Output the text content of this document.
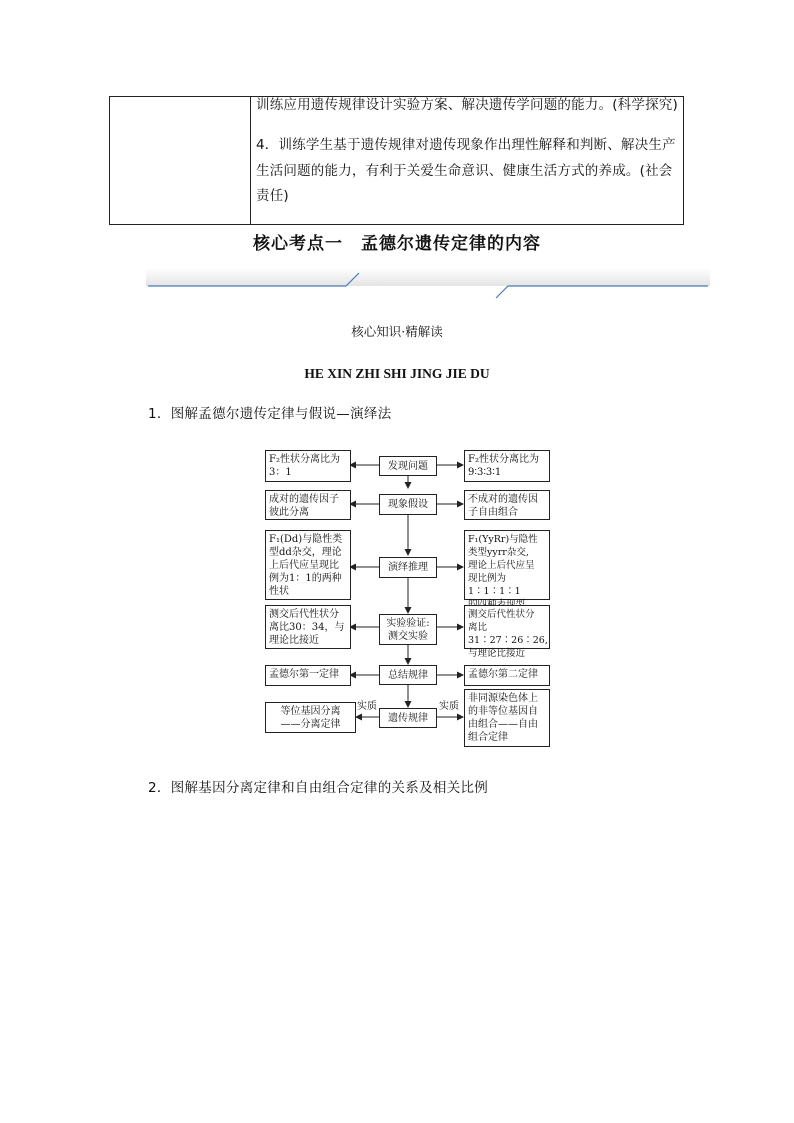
训练应用遗传规律设计实验方案、解决遗传学问题的能力。(科学探究)
4．训练学生基于遗传规律对遗传现象作出理性解释和判断、解决生产
生活问题的能力，有利于关爱生命意识、健康生活方式的养成。(社会
责任)
核心考点一　孟德尔遗传定律的内容
核心知识·精解读
HE XIN ZHI SHI JING JIE DU
1．图解孟德尔遗传定律与假说—演绎法
发现问题
现象假设
演绎推理
实验验证:
测交实验
总结规律
遗传规律
F₂性状分离比为
3：1
成对的遗传因子
彼此分离
F₁(Dd)与隐性类
型dd杂交，理论
上后代应呈现比
例为1：1的两种
性状
测交后代性状分
离比30：34，与
理论比接近
孟德尔第一定律
等位基因分离
——分离定律
F₂性状分离比为
9∶3∶3∶1
不成对的遗传因
子自由组合
F₁(YyRr)与隐性
类型yyrr杂交,
理论上后代应呈
现比例为1∶1∶1∶1
测交后代性状分
离比31∶27∶26∶26,
与理论比接近
孟德尔第二定律
非同源染色体上
的非等位基因自
由组合——自由
组合定律
实质	实质
2．图解基因分离定律和自由组合定律的关系及相关比例
